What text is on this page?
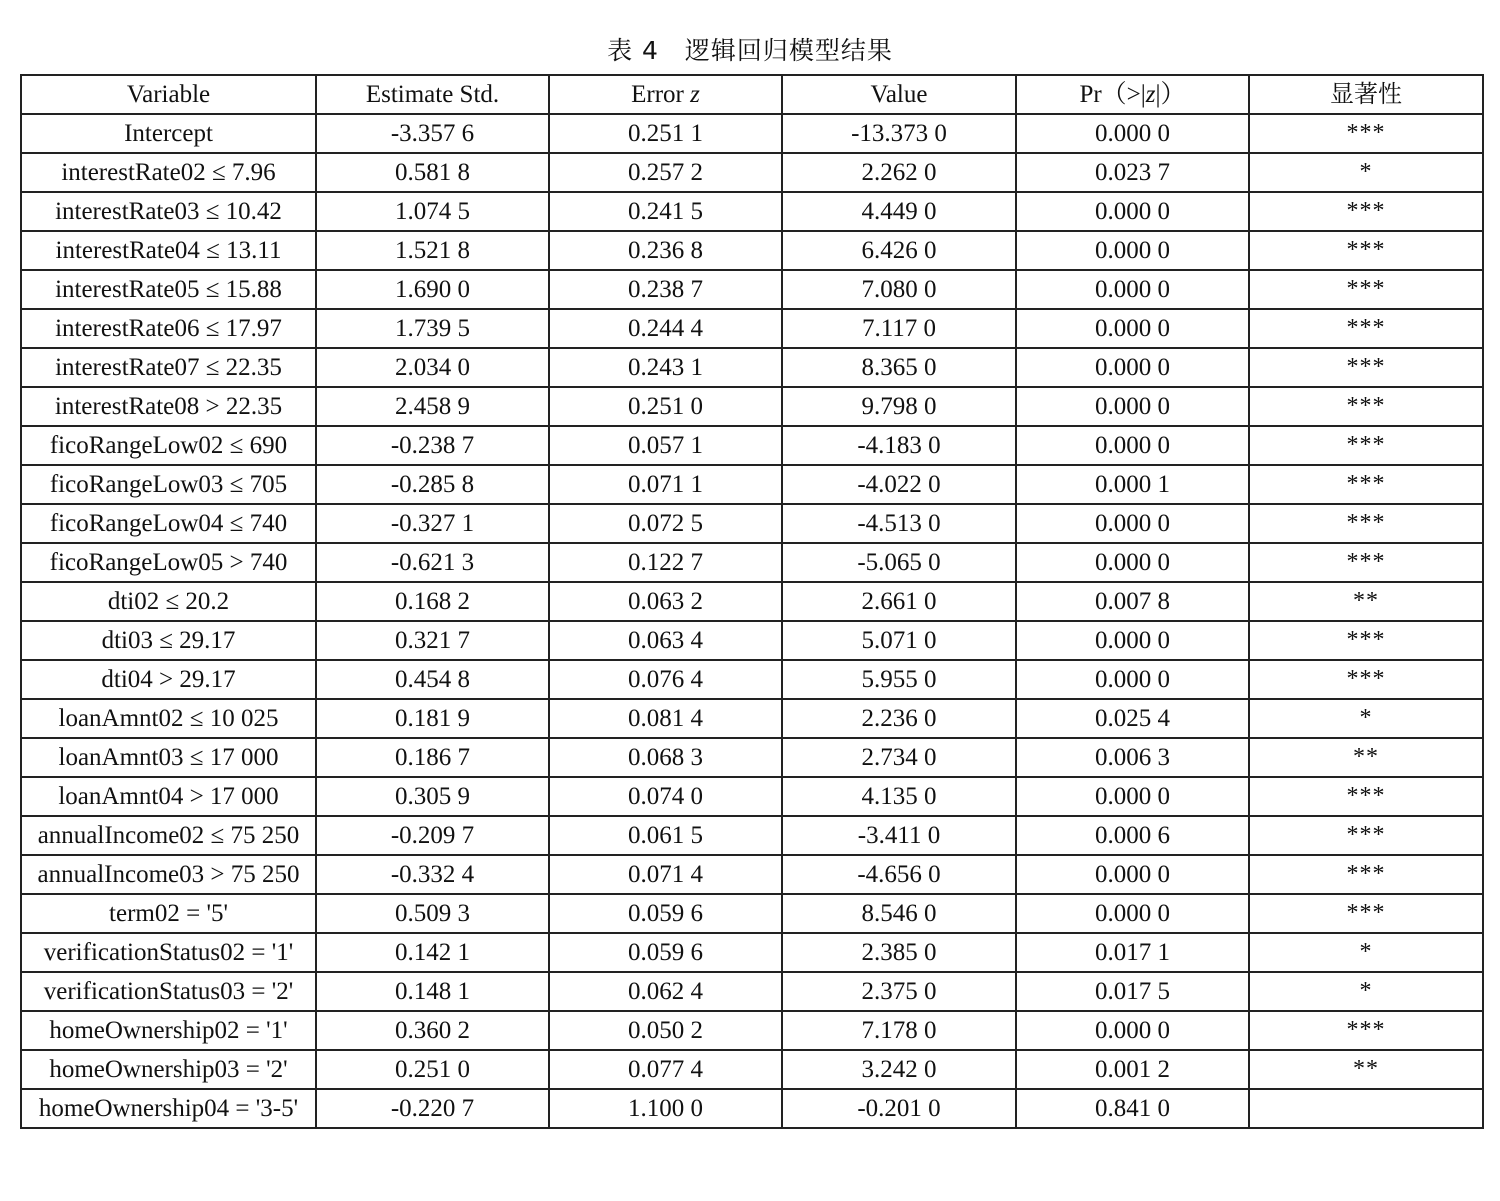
表 4 逻辑回归模型结果
Variable	Estimate Std.	Error z	Value	Pr（>|z|）	显著性
Intercept	-3.357 6	0.251 1	-13.373 0	0.000 0	***
interestRate02 ≤ 7.96	0.581 8	0.257 2	2.262 0	0.023 7	*
interestRate03 ≤ 10.42	1.074 5	0.241 5	4.449 0	0.000 0	***
interestRate04 ≤ 13.11	1.521 8	0.236 8	6.426 0	0.000 0	***
interestRate05 ≤ 15.88	1.690 0	0.238 7	7.080 0	0.000 0	***
interestRate06 ≤ 17.97	1.739 5	0.244 4	7.117 0	0.000 0	***
interestRate07 ≤ 22.35	2.034 0	0.243 1	8.365 0	0.000 0	***
interestRate08 > 22.35	2.458 9	0.251 0	9.798 0	0.000 0	***
ficoRangeLow02 ≤ 690	-0.238 7	0.057 1	-4.183 0	0.000 0	***
ficoRangeLow03 ≤ 705	-0.285 8	0.071 1	-4.022 0	0.000 1	***
ficoRangeLow04 ≤ 740	-0.327 1	0.072 5	-4.513 0	0.000 0	***
ficoRangeLow05 > 740	-0.621 3	0.122 7	-5.065 0	0.000 0	***
dti02 ≤ 20.2	0.168 2	0.063 2	2.661 0	0.007 8	**
dti03 ≤ 29.17	0.321 7	0.063 4	5.071 0	0.000 0	***
dti04 > 29.17	0.454 8	0.076 4	5.955 0	0.000 0	***
loanAmnt02 ≤ 10 025	0.181 9	0.081 4	2.236 0	0.025 4	*
loanAmnt03 ≤ 17 000	0.186 7	0.068 3	2.734 0	0.006 3	**
loanAmnt04 > 17 000	0.305 9	0.074 0	4.135 0	0.000 0	***
annualIncome02 ≤ 75 250	-0.209 7	0.061 5	-3.411 0	0.000 6	***
annualIncome03 > 75 250	-0.332 4	0.071 4	-4.656 0	0.000 0	***
term02 = '5'	0.509 3	0.059 6	8.546 0	0.000 0	***
verificationStatus02 = '1'	0.142 1	0.059 6	2.385 0	0.017 1	*
verificationStatus03 = '2'	0.148 1	0.062 4	2.375 0	0.017 5	*
homeOwnership02 = '1'	0.360 2	0.050 2	7.178 0	0.000 0	***
homeOwnership03 = '2'	0.251 0	0.077 4	3.242 0	0.001 2	**
homeOwnership04 = '3-5'	-0.220 7	1.100 0	-0.201 0	0.841 0	
